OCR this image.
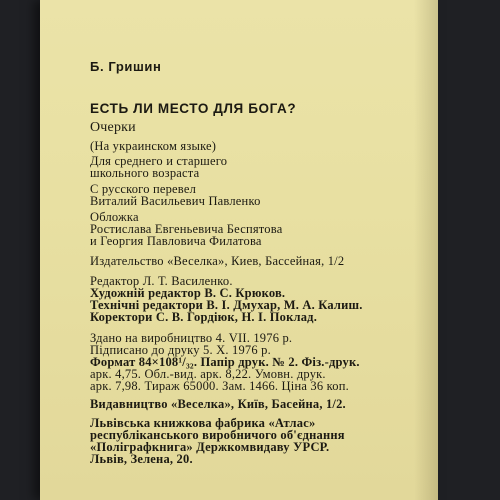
Б. Гришин
ЕСТЬ ЛИ МЕСТО ДЛЯ БОГА?
Очерки
(На украинском языке)
Для среднего и старшего
школьного возраста
С русского перевел
Виталий Васильевич Павленко
Обложка
Ростислава Евгеньевича Беспятова
и Георгия Павловича Филатова
Издательство «Веселка», Киев, Бассейная, 1/2
Редактор Л. Т. Василенко.
Художній редактор В. С. Крюков.
Технічні редактори В. І. Дмухар, М. А. Калиш.
Коректори С. В. Гордіюк, Н. І. Поклад.
Здано на виробництво 4. VII. 1976 р.
Підписано до друку 5. X. 1976 р.
Формат 84×108¹/₃₂. Папір друк. № 2. Фіз.-друк.
арк. 4,75. Обл.-вид. арк. 8,22. Умовн. друк.
арк. 7,98. Тираж 65000. Зам. 1466. Ціна 36 коп.
Видавництво «Веселка», Київ, Басейна, 1/2.
Львівська книжкова фабрика «Атлас»
республіканського виробничого об'єднання
«Поліграфкнига» Держкомвидаву УРСР.
Львів, Зелена, 20.
